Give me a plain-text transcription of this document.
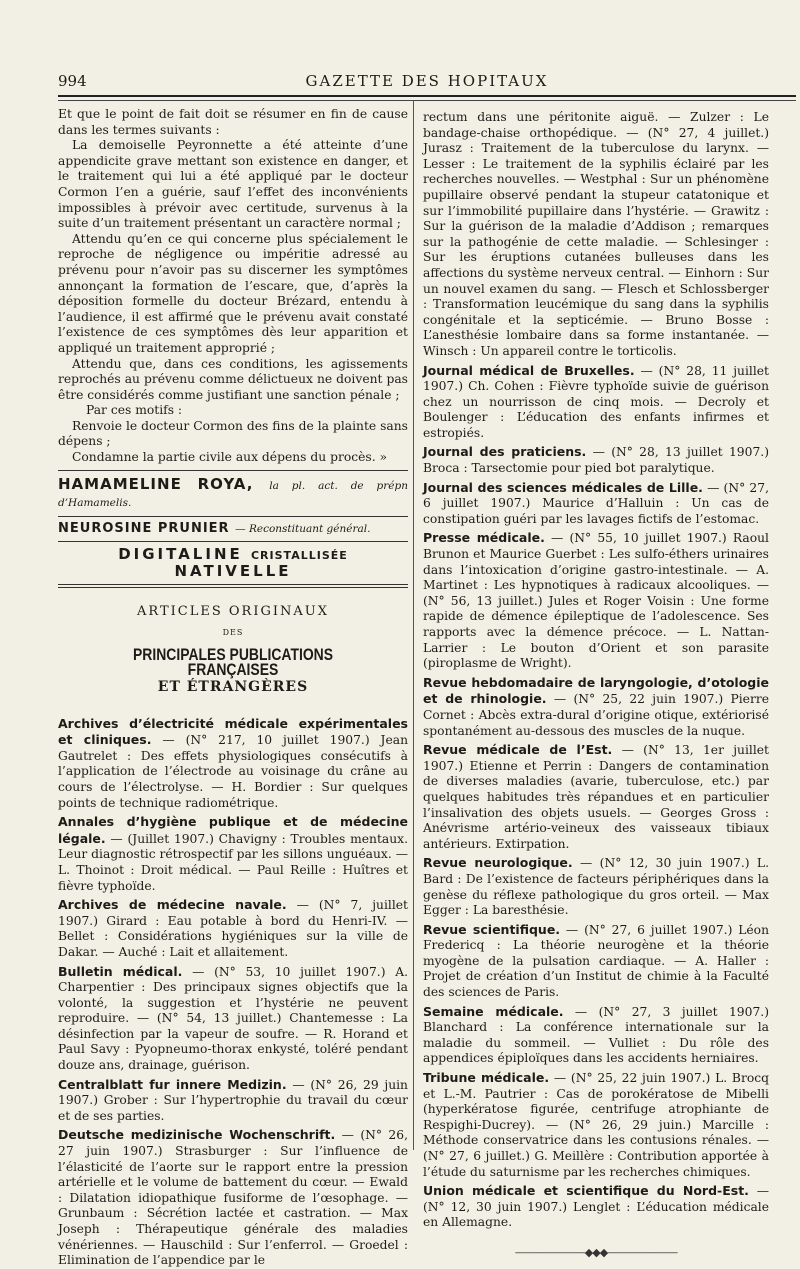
994	GAZETTE DES HOPITAUX

Et que le point de fait doit se résumer en fin de cause dans les termes suivants :

La demoiselle Peyronnette a été atteinte d’une appendicite grave mettant son existence en danger, et le traitement qui lui a été appliqué par le docteur Cormon l’en a guérie, sauf l’effet des inconvénients impossibles à prévoir avec certitude, survenus à la suite d’un traitement présentant un caractère normal ;

Attendu qu’en ce qui concerne plus spécialement le reproche de négligence ou impéritie adressé au prévenu pour n’avoir pas su discerner les symptômes annonçant la formation de l’escare, que, d’après la déposition formelle du docteur Brézard, entendu à l’audience, il est affirmé que le prévenu avait constaté l’existence de ces symptômes dès leur apparition et appliqué un traitement approprié ;

Attendu que, dans ces conditions, les agissements reprochés au prévenu comme délictueux ne doivent pas être considérés comme justifiant une sanction pénale ;

Par ces motifs :

Renvoie le docteur Cormon des fins de la plainte sans dépens ;

Condamne la partie civile aux dépens du procès. »

HAMAMELINE ROYA, la pl. act. de prépn d’Hamamelis.
NEUROSINE PRUNIER — Reconstituant général.
DIGITALINE CRISTALLISÉE NATIVELLE
ARTICLES ORIGINAUX
DES
PRINCIPALES PUBLICATIONS FRANÇAISES
ET ÉTRANGÈRES

Archives d’électricité médicale expérimentales et cliniques. — (N° 217, 10 juillet 1907.) Jean Gautrelet : Des effets physiologiques consécutifs à l’application de l’électrode au voisinage du crâne au cours de l’électrolyse. — H. Bordier : Sur quelques points de technique radiométrique.

Annales d’hygiène publique et de médecine légale. — (Juillet 1907.) Chavigny : Troubles mentaux. Leur diagnostic rétrospectif par les sillons unguéaux. — L. Thoinot : Droit médical. — Paul Reille : Huîtres et fièvre typhoïde.

Archives de médecine navale. — (N° 7, juillet 1907.) Girard : Eau potable à bord du Henri-IV. — Bellet : Considérations hygiéniques sur la ville de Dakar. — Auché : Lait et allaitement.

Bulletin médical. — (N° 53, 10 juillet 1907.) A. Charpentier : Des principaux signes objectifs que la volonté, la suggestion et l’hystérie ne peuvent reproduire. — (N° 54, 13 juillet.) Chantemesse : La désinfection par la vapeur de soufre. — R. Horand et Paul Savy : Pyopneumo-thorax enkysté, toléré pendant douze ans, drainage, guérison.

Centralblatt fur innere Medizin. — (N° 26, 29 juin 1907.) Grober : Sur l’hypertrophie du travail du cœur et de ses parties.

Deutsche medizinische Wochenschrift. — (N° 26, 27 juin 1907.) Strasburger : Sur l’influence de l’élasticité de l’aorte sur le rapport entre la pression artérielle et le volume de battement du cœur. — Ewald : Dilatation idiopathique fusiforme de l’œsophage. — Grunbaum : Sécrétion lactée et castration. — Max Joseph : Thérapeutique générale des maladies vénériennes. — Hauschild : Sur l’enferrol. — Groedel : Elimination de l’appendice par le

rectum dans une péritonite aiguë. — Zulzer : Le bandage-chaise orthopédique. — (N° 27, 4 juillet.) Jurasz : Traitement de la tuberculose du larynx. — Lesser : Le traitement de la syphilis éclairé par les recherches nouvelles. — Westphal : Sur un phénomène pupillaire observé pendant la stupeur catatonique et sur l’immobilité pupillaire dans l’hystérie. — Grawitz : Sur la guérison de la maladie d’Addison ; remarques sur la pathogénie de cette maladie. — Schlesinger : Sur les éruptions cutanées bulleuses dans les affections du système nerveux central. — Einhorn : Sur un nouvel examen du sang. — Flesch et Schlossberger : Transformation leucémique du sang dans la syphilis congénitale et la septicémie. — Bruno Bosse : L’anesthésie lombaire dans sa forme instantanée. — Winsch : Un appareil contre le torticolis.

Journal médical de Bruxelles. — (N° 28, 11 juillet 1907.) Ch. Cohen : Fièvre typhoïde suivie de guérison chez un nourrisson de cinq mois. — Decroly et Boulenger : L’éducation des enfants infirmes et estropiés.

Journal des praticiens. — (N° 28, 13 juillet 1907.) Broca : Tarsectomie pour pied bot paralytique.

Journal des sciences médicales de Lille. — (N° 27, 6 juillet 1907.) Maurice d’Halluin : Un cas de constipation guéri par les lavages fictifs de l’estomac.

Presse médicale. — (N° 55, 10 juillet 1907.) Raoul Brunon et Maurice Guerbet : Les sulfo-éthers urinaires dans l’intoxication d’origine gastro-intestinale. — A. Martinet : Les hypnotiques à radicaux alcooliques. — (N° 56, 13 juillet.) Jules et Roger Voisin : Une forme rapide de démence épileptique de l’adolescence. Ses rapports avec la démence précoce. — L. Nattan-Larrier : Le bouton d’Orient et son parasite (piroplasme de Wright).

Revue hebdomadaire de laryngologie, d’otologie et de rhinologie. — (N° 25, 22 juin 1907.) Pierre Cornet : Abcès extra-dural d’origine otique, extériorisé spontanément au-dessous des muscles de la nuque.

Revue médicale de l’Est. — (N° 13, 1er juillet 1907.) Etienne et Perrin : Dangers de contamination de diverses maladies (avarie, tuberculose, etc.) par quelques habitudes très répandues et en particulier l’insalivation des objets usuels. — Georges Gross : Anévrisme artério-veineux des vaisseaux tibiaux antérieurs. Extirpation.

Revue neurologique. — (N° 12, 30 juin 1907.) L. Bard : De l’existence de facteurs périphériques dans la genèse du réflexe pathologique du gros orteil. — Max Egger : La baresthésie.

Revue scientifique. — (N° 27, 6 juillet 1907.) Léon Fredericq : La théorie neurogène et la théorie myogène de la pulsation cardiaque. — A. Haller : Projet de création d’un Institut de chimie à la Faculté des sciences de Paris.

Semaine médicale. — (N° 27, 3 juillet 1907.) Blanchard : La conférence internationale sur la maladie du sommeil. — Vulliet : Du rôle des appendices épiploïques dans les accidents herniaires.

Tribune médicale. — (N° 25, 22 juin 1907.) L. Brocq et L.-M. Pautrier : Cas de porokératose de Mibelli (hyperkératose figurée, centrifuge atrophiante de Respighi-Ducrey). — (N° 26, 29 juin.) Marcille : Méthode conservatrice dans les contusions rénales. — (N° 27, 6 juillet.) G. Meillère : Contribution apportée à l’étude du saturnisme par les recherches chimiques.

Union médicale et scientifique du Nord-Est. — (N° 12, 30 juin 1907.) Lenglet : L’éducation médicale en Allemagne.

———————◆◆◆———————
